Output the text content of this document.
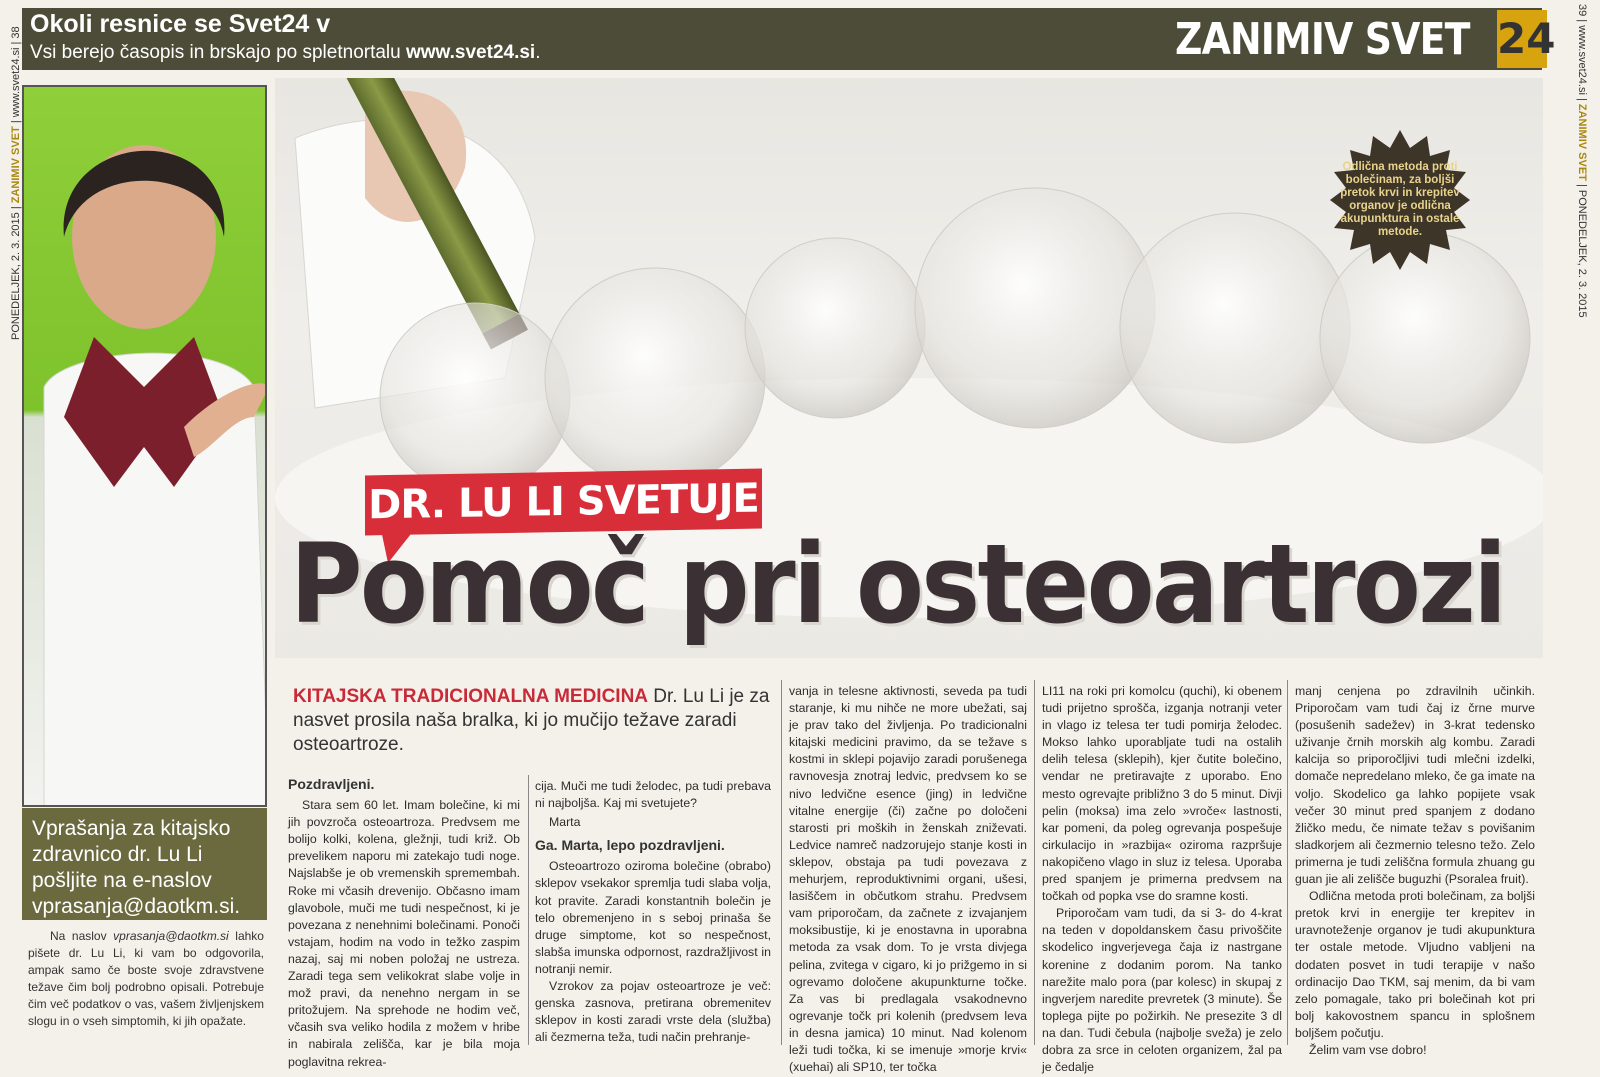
Okoli resnice se Svet24 v
Vsi berejo časopis in brskajo po spletnortalu www.svet24.si.	ZANIMIV SVET 24
PONEDELJEK, 2. 3. 2015 | ZANIMIV SVET | www.svet24.si | 38	39 | www.svet24.si | ZANIMIV SVET | PONEDELJEK, 2. 3. 2015
Odlična metoda proti bolečinam, za boljši pretok krvi in krepitev organov je odlična akupunktura in ostale metode.
Vprašanja za kitajsko zdravnico dr. Lu Li pošljite na e-naslov vprasanja@daotkm.si.
Na naslov vprasanja@daotkm.si lahko pišete dr. Lu Li, ki vam bo odgovorila, ampak samo če boste svoje zdravstvene težave čim bolj podrobno opisali. Potrebuje čim več podatkov o vas, vašem življenjskem slogu in o vseh simptomih, ki jih opažate.
DR. LU LI SVETUJE
Pomoč pri osteoartrozi
KITAJSKA TRADICIONALNA MEDICINA Dr. Lu Li je za nasvet prosila naša bralka, ki jo mučijo težave zaradi osteoartroze.
Pozdravljeni.

Stara sem 60 let. Imam bolečine, ki mi jih povzroča osteoartroza. Predvsem me bolijo kolki, kolena, gležnji, tudi križ. Ob prevelikem naporu mi zatekajo tudi noge. Najslabše je ob vremenskih spremembah. Roke mi včasih drevenijo. Občasno imam glavobole, muči me tudi nespečnost, ki je povezana z nenehnimi bolečinami. Ponoči vstajam, hodim na vodo in težko zaspim nazaj, saj mi noben položaj ne ustreza. Zaradi tega sem velikokrat slabe volje in mož pravi, da nenehno nergam in se pritožujem. Na sprehode ne hodim več, včasih sva veliko hodila z možem v hribe in nabirala zelišča, kar je bila moja poglavitna rekrea-

cija. Muči me tudi želodec, pa tudi prebava ni najboljša. Kaj mi svetujete?

Marta

Ga. Marta, lepo pozdravljeni.

Osteoartrozo oziroma bolečine (obrabo) sklepov vsekakor spremlja tudi slaba volja, kot pravite. Zaradi konstantnih bolečin je telo obremenjeno in s seboj prinaša še druge simptome, kot so nespečnost, slabša imunska odpornost, razdražljivost in notranji nemir.

Vzrokov za pojav osteoartroze je več: genska zasnova, pretirana obremenitev sklepov in kosti zaradi vrste dela (služba) ali čezmerna teža, tudi način prehranje-

vanja in telesne aktivnosti, seveda pa tudi staranje, ki mu nihče ne more ubežati, saj je prav tako del življenja. Po tradicionalni kitajski medicini pravimo, da se težave s kostmi in sklepi pojavijo zaradi porušenega ravnovesja znotraj ledvic, predvsem ko se nivo ledvične esence (jing) in ledvične vitalne energije (či) začne po določeni starosti pri moških in ženskah zniževati. Ledvice namreč nadzorujejo stanje kosti in sklepov, obstaja pa tudi povezava z mehurjem, reproduktivnimi organi, ušesi, lasiščem in občutkom strahu. Predvsem vam priporočam, da začnete z izvajanjem moksibustije, ki je enostavna in uporabna metoda za vsak dom. To je vrsta divjega pelina, zvitega v cigaro, ki jo prižgemo in si ogrevamo določene akupunkturne točke. Za vas bi predlagala vsakodnevno ogrevanje točk pri kolenih (predvsem leva in desna jamica) 10 minut. Nad kolenom leži tudi točka, ki se imenuje »morje krvi« (xuehai) ali SP10, ter točka

LI11 na roki pri komolcu (quchi), ki obenem tudi prijetno sprošča, izganja notranji veter in vlago iz telesa ter tudi pomirja želodec. Mokso lahko uporabljate tudi na ostalih delih telesa (sklepih), kjer čutite bolečino, vendar ne pretiravajte z uporabo. Eno mesto ogrevajte približno 3 do 5 minut. Divji pelin (moksa) ima zelo »vroče« lastnosti, kar pomeni, da poleg ogrevanja pospešuje cirkulacijo in »razbija« oziroma razpršuje nakopičeno vlago in sluz iz telesa. Uporaba pred spanjem je primerna predvsem na točkah od popka vse do sramne kosti.

Priporočam vam tudi, da si 3- do 4-krat na teden v dopoldanskem času privoščite skodelico ingverjevega čaja iz nastrgane korenine z dodanim porom. Na tanko narežite malo pora (par kolesc) in skupaj z ingverjem naredite prevretek (3 minute). Še toplega pijte po požirkih. Ne presezite 3 dl na dan. Tudi čebula (najbolje sveža) je zelo dobra za srce in celoten organizem, žal pa je čedalje

manj cenjena po zdravilnih učinkih. Priporočam vam tudi čaj iz črne murve (posušenih sadežev) in 3-krat tedensko uživanje črnih morskih alg kombu. Zaradi kalcija so priporočljivi tudi mlečni izdelki, domače nepredelano mleko, če ga imate na voljo. Skodelico ga lahko popijete vsak večer 30 minut pred spanjem z dodano žličko medu, če nimate težav s povišanim sladkorjem ali čezmernio telesno težo. Zelo primerna je tudi zeliščna formula zhuang gu guan jie ali zelišče buguzhi (Psoralea fruit).

Odlična metoda proti bolečinam, za boljši pretok krvi in energije ter krepitev in uravnoteženje organov je tudi akupunktura ter ostale metode. Vljudno vabljeni na dodaten posvet in tudi terapije v našo ordinacijo Dao TKM, saj menim, da bi vam zelo pomagale, tako pri bolečinah kot pri bolj kakovostnem spancu in splošnem boljšem počutju.

Želim vam vse dobro!
